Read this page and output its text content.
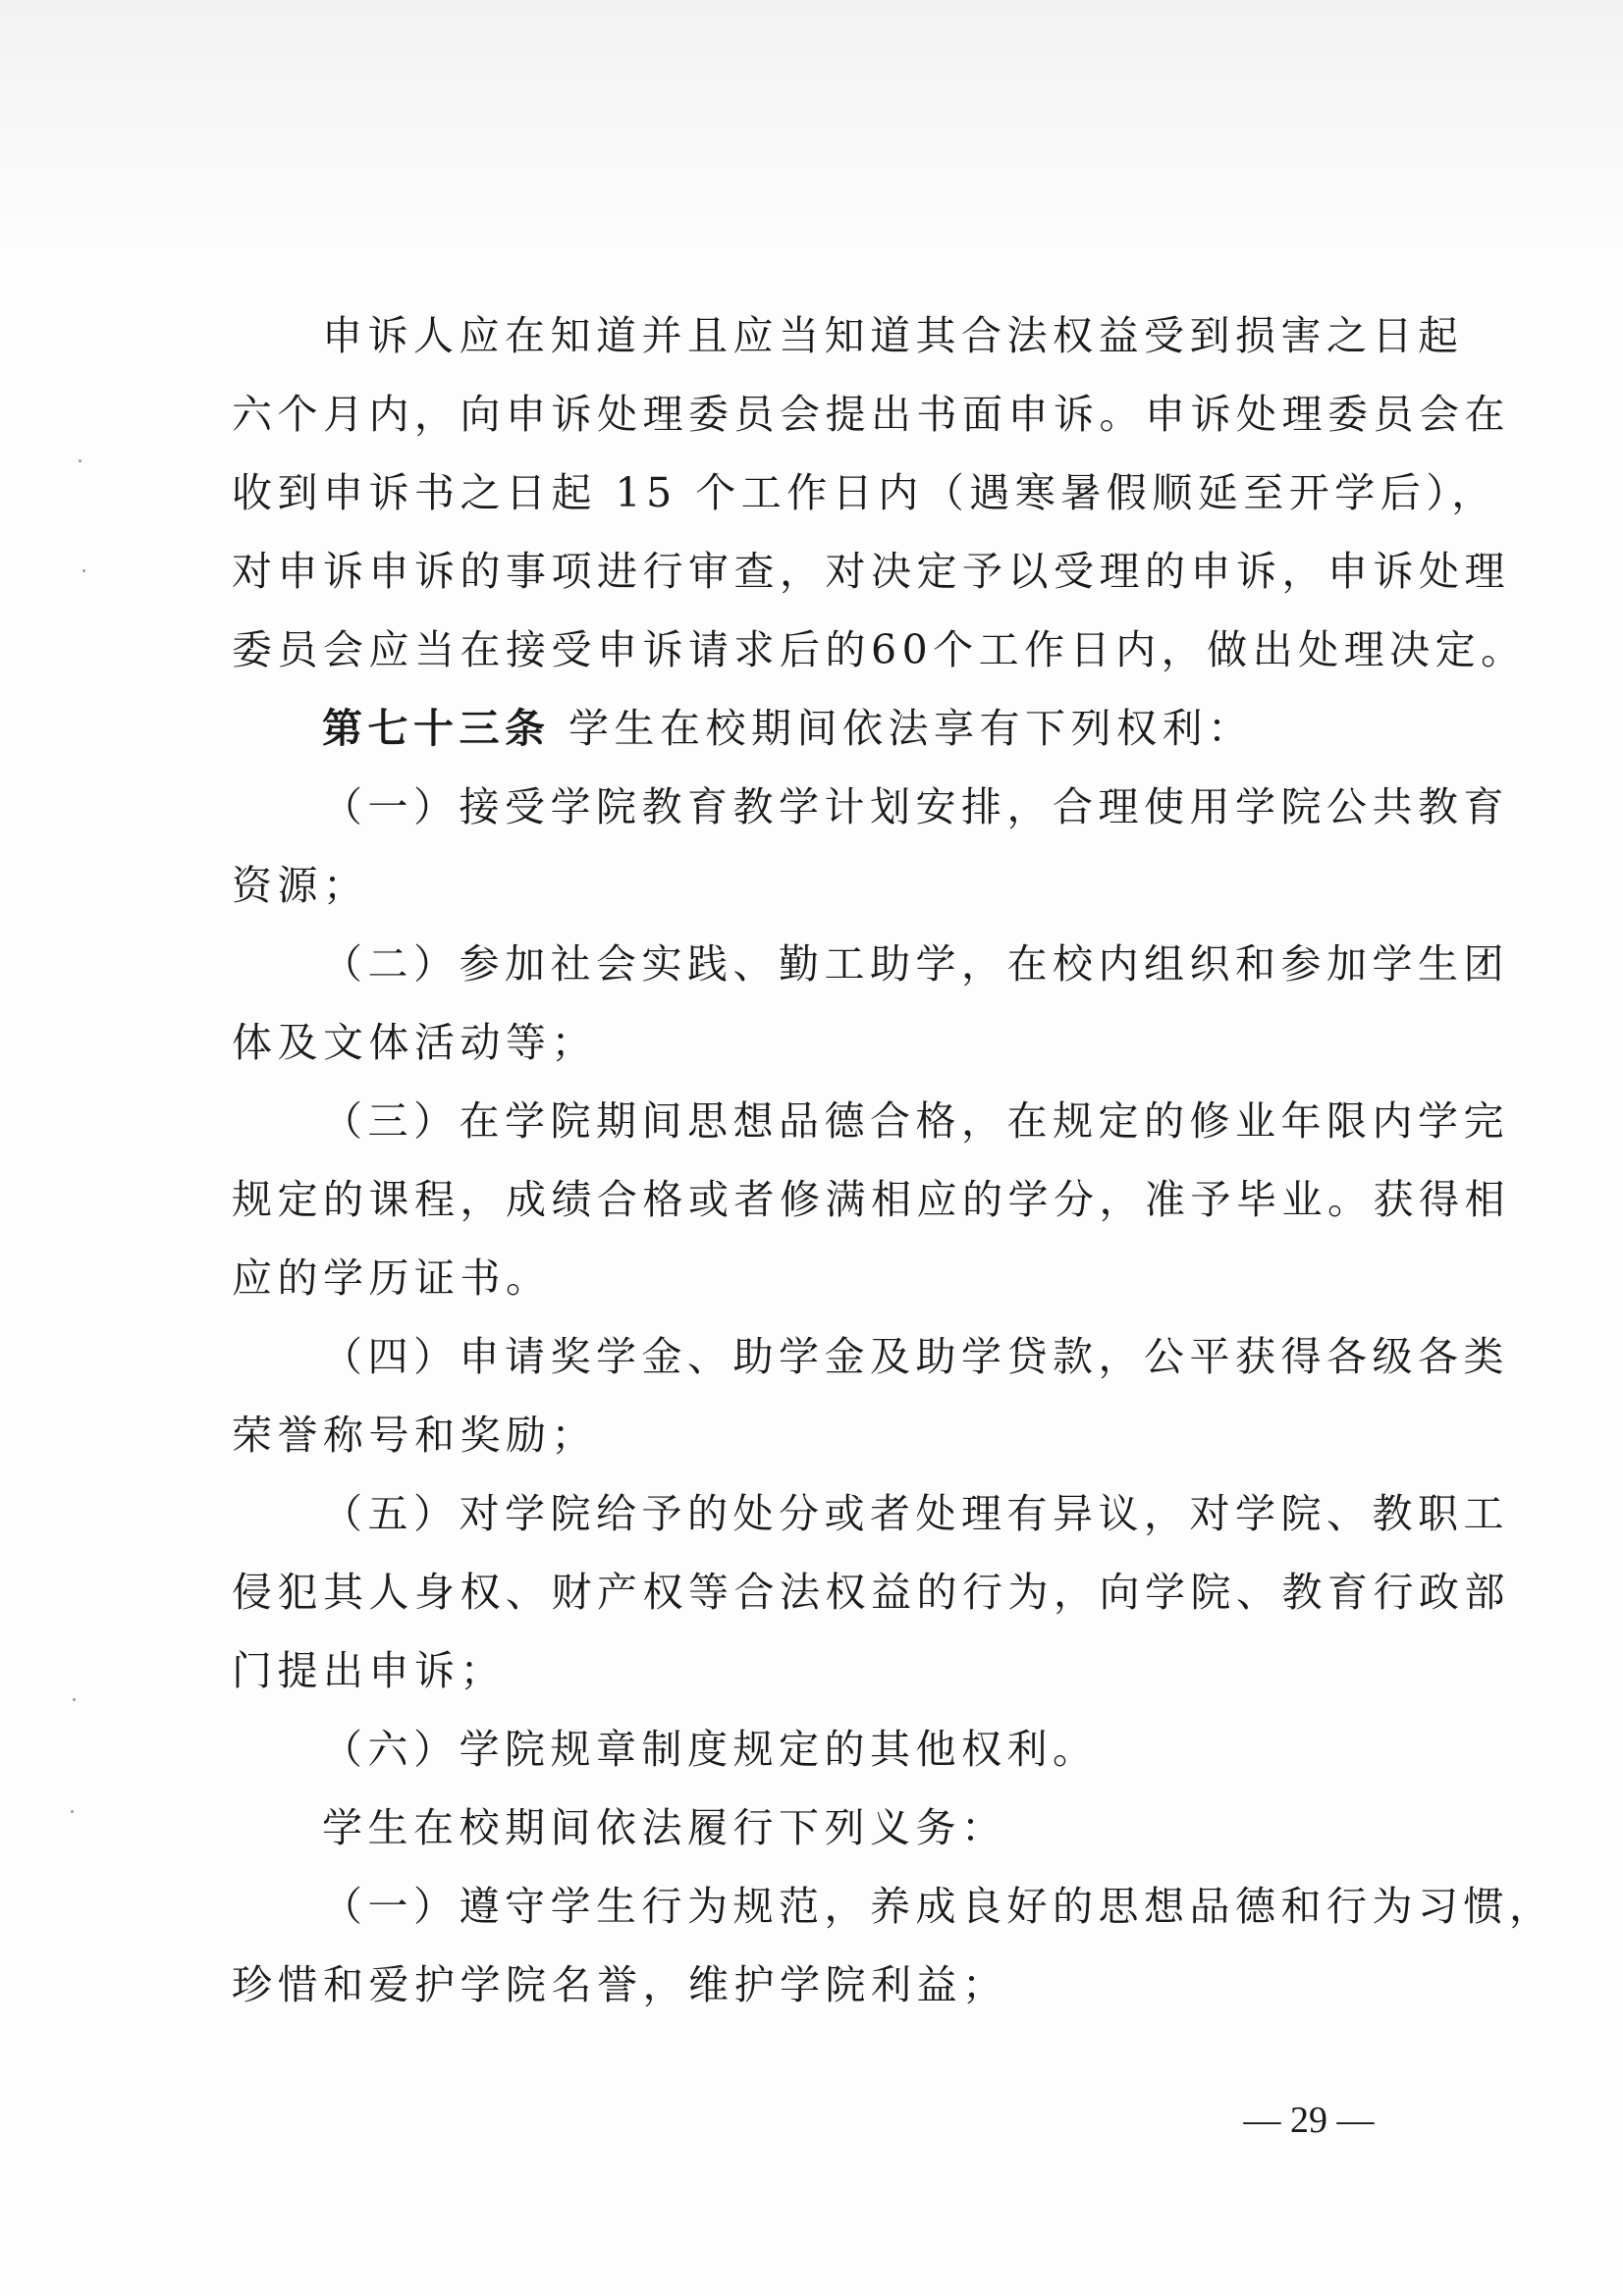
申诉人应在知道并且应当知道其合法权益受到损害之日起
六个月内，向申诉处理委员会提出书面申诉。申诉处理委员会在
收到申诉书之日起 15 个工作日内（遇寒暑假顺延至开学后），
对申诉申诉的事项进行审查，对决定予以受理的申诉，申诉处理
委员会应当在接受申诉请求后的60个工作日内，做出处理决定。
第七十三条 学生在校期间依法享有下列权利：
（一）接受学院教育教学计划安排，合理使用学院公共教育
资源；
（二）参加社会实践、勤工助学，在校内组织和参加学生团
体及文体活动等；
（三）在学院期间思想品德合格，在规定的修业年限内学完
规定的课程，成绩合格或者修满相应的学分，准予毕业。获得相
应的学历证书。
（四）申请奖学金、助学金及助学贷款，公平获得各级各类
荣誉称号和奖励；
（五）对学院给予的处分或者处理有异议，对学院、教职工
侵犯其人身权、财产权等合法权益的行为，向学院、教育行政部
门提出申诉；
（六）学院规章制度规定的其他权利。
学生在校期间依法履行下列义务：
（一）遵守学生行为规范，养成良好的思想品德和行为习惯，
珍惜和爱护学院名誉，维护学院利益；
— 29 —
